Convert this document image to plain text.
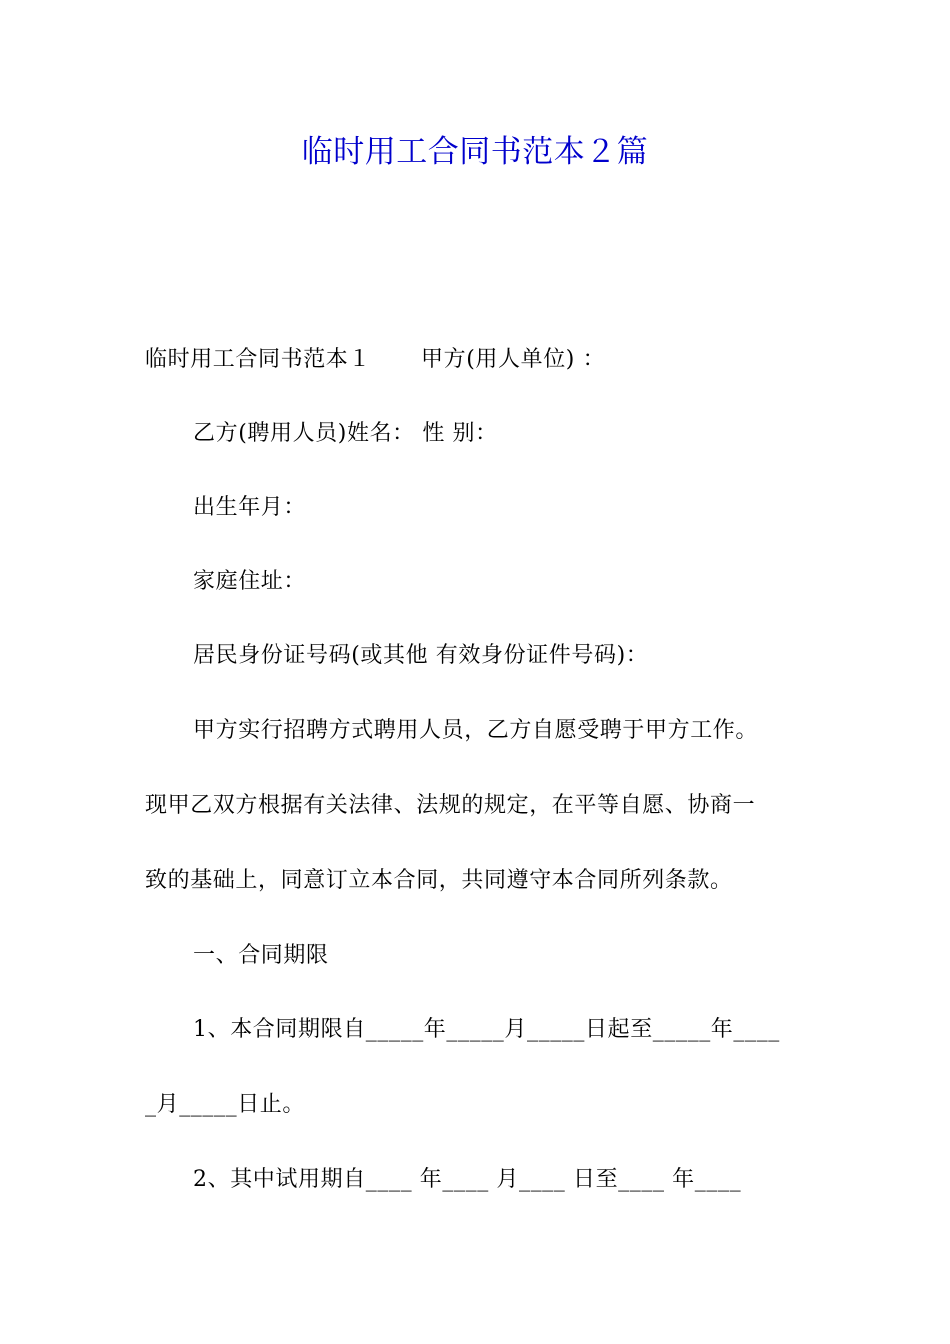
临时用工合同书范本２篇
临时用工合同书范本１ 甲方(用人单位) ：
乙方(聘用人员)姓名： 性 别：
出生年月：
家庭住址：
居民身份证号码(或其他 有效身份证件号码)：
甲方实行招聘方式聘用人员，乙方自愿受聘于甲方工作。
现甲乙双方根据有关法律、法规的规定，在平等自愿、协商一
致的基础上，同意订立本合同，共同遵守本合同所列条款。
一、合同期限
1、本合同期限自_____年_____月_____日起至_____年____
_月_____日止。
2、其中试用期自____ 年____ 月____ 日至____ 年____
